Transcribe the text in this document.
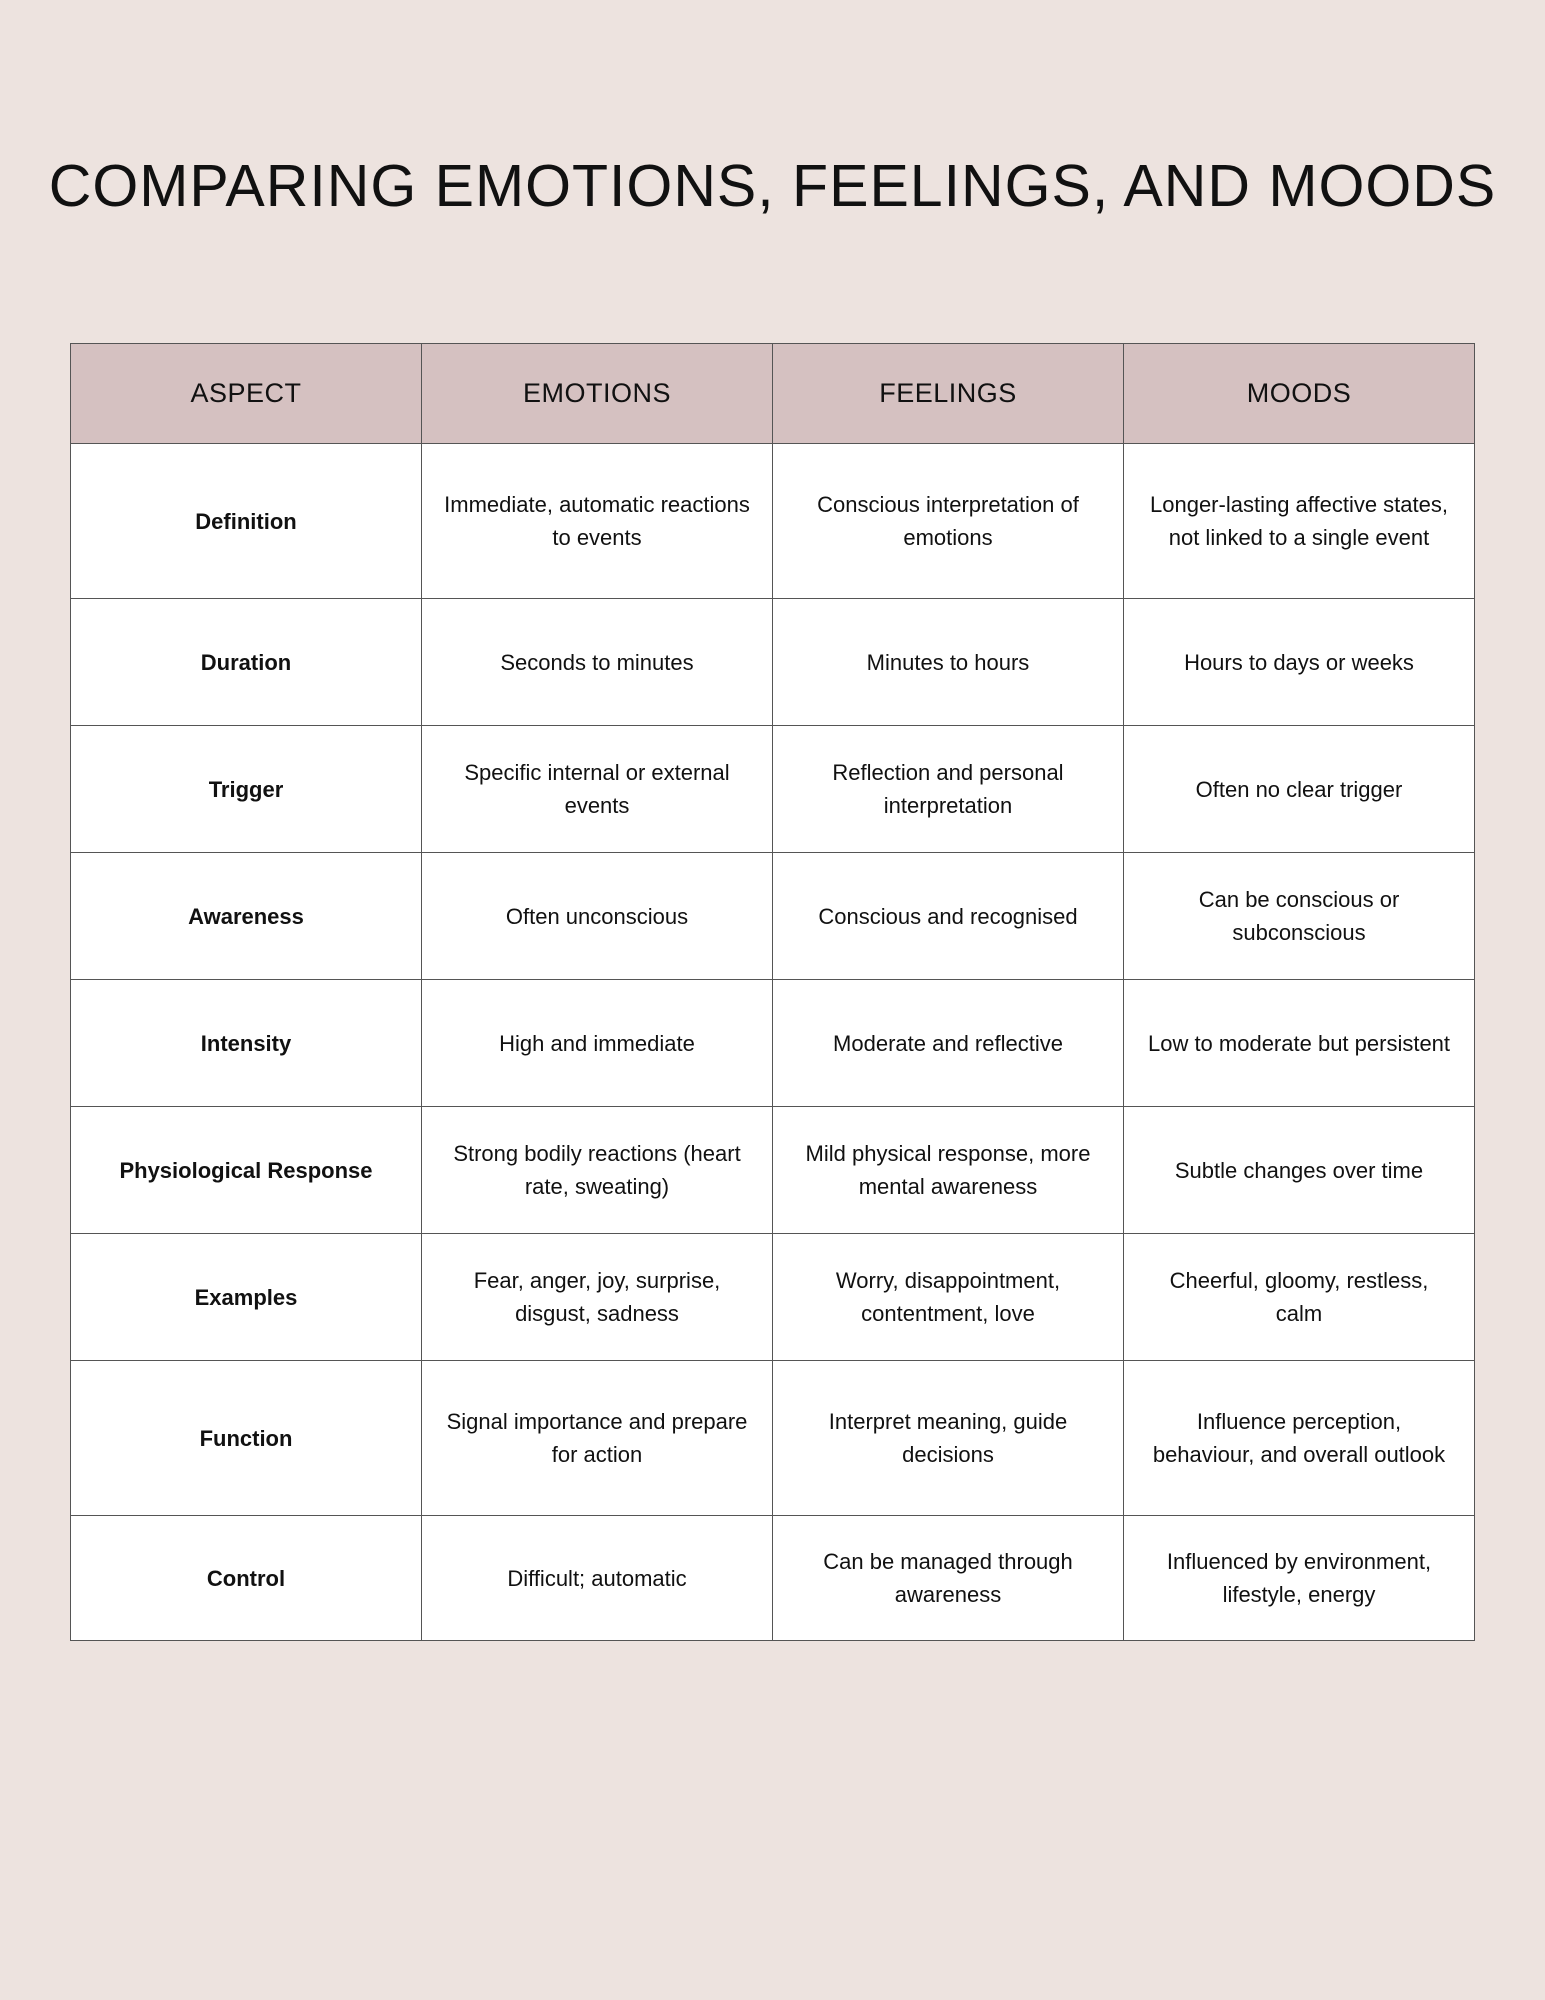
COMPARING EMOTIONS, FEELINGS, AND MOODS
ASPECT	EMOTIONS	FEELINGS	MOODS
Definition	Immediate, automatic reactions to events	Conscious interpretation of emotions	Longer-lasting affective states, not linked to a single event
Duration	Seconds to minutes	Minutes to hours	Hours to days or weeks
Trigger	Specific internal or external events	Reflection and personal interpretation	Often no clear trigger
Awareness	Often unconscious	Conscious and recognised	Can be conscious or subconscious
Intensity	High and immediate	Moderate and reflective	Low to moderate but persistent
Physiological Response	Strong bodily reactions (heart rate, sweating)	Mild physical response, more mental awareness	Subtle changes over time
Examples	Fear, anger, joy, surprise, disgust, sadness	Worry, disappointment, contentment, love	Cheerful, gloomy, restless, calm
Function	Signal importance and prepare for action	Interpret meaning, guide decisions	Influence perception, behaviour, and overall outlook
Control	Difficult; automatic	Can be managed through awareness	Influenced by environment, lifestyle, energy
